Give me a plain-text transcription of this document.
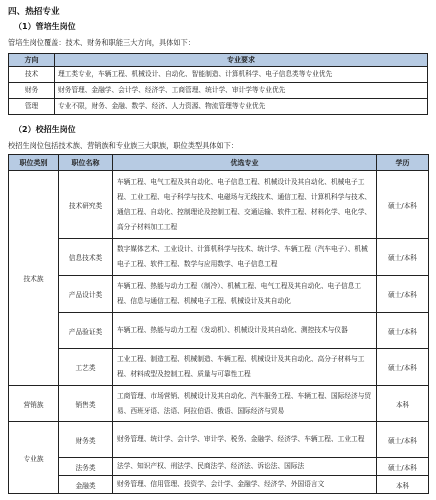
四、热招专业
（1）管培生岗位
管培生岗位覆盖：技术、财务和职能三大方向，具体如下：
方向	专业要求
技术	理工类专业，车辆工程、机械设计、自动化、智能制造、计算机科学、电子信息类等专业优先
财务	财务管理、金融学、会计学、经济学、工商管理、统计学、审计学等专业优先
管理	专业不限，财务、金融、数学、经济、人力资源、物流管理等专业优先
（2）校招生岗位
校招生岗位包括技术族、营销族和专业族三大职族，职位类型具体如下：
职位类别	职位名称	优选专业	学历
技术族	技术研究类	车辆工程、电气工程及其自动化、电子信息工程、机械设计及其自动化、机械电子工程、工业工程、电子科学与技术、电磁场与无线技术、通信工程、计算机科学与技术、通信工程、自动化、控制理论及控制工程、交通运输、软件工程、材料化学、电化学、高分子材料加工工程	硕士/本科
	信息技术类	数字媒体艺术、工业设计、计算机科学与技术、统计学、车辆工程（汽车电子）、机械电子工程、软件工程、数学与应用数学、电子信息工程	硕士/本科
	产品设计类	车辆工程、热能与动力工程（制冷）、机械工程、电气工程及其自动化、电子信息工程、信息与通信工程、机械电子工程、机械设计及其自动化	硕士/本科
	产品验证类	车辆工程、热能与动力工程（发动机）、机械设计及其自动化、测控技术与仪器	硕士/本科
	工艺类	工业工程、制造工程、机械制造、车辆工程、机械设计及其自动化、高分子材料与工程、材料成型及控制工程、质量与可靠性工程	硕士/本科
营销族	销售类	工商管理、市场营销、机械设计及其自动化、汽车服务工程、车辆工程、国际经济与贸易、西班牙语、法语、阿拉伯语、俄语、国际经济与贸易	本科
专业族	财务类	财务管理、统计学、会计学、审计学、税务、金融学、经济学、车辆工程、工业工程	硕士/本科
	法务类	法学、知识产权、刑法学、民商法学、经济法、诉讼法、国际法	硕士/本科
	金融类	财务管理、信用管理、投资学、会计学、金融学、经济学、外国语言文	本科
